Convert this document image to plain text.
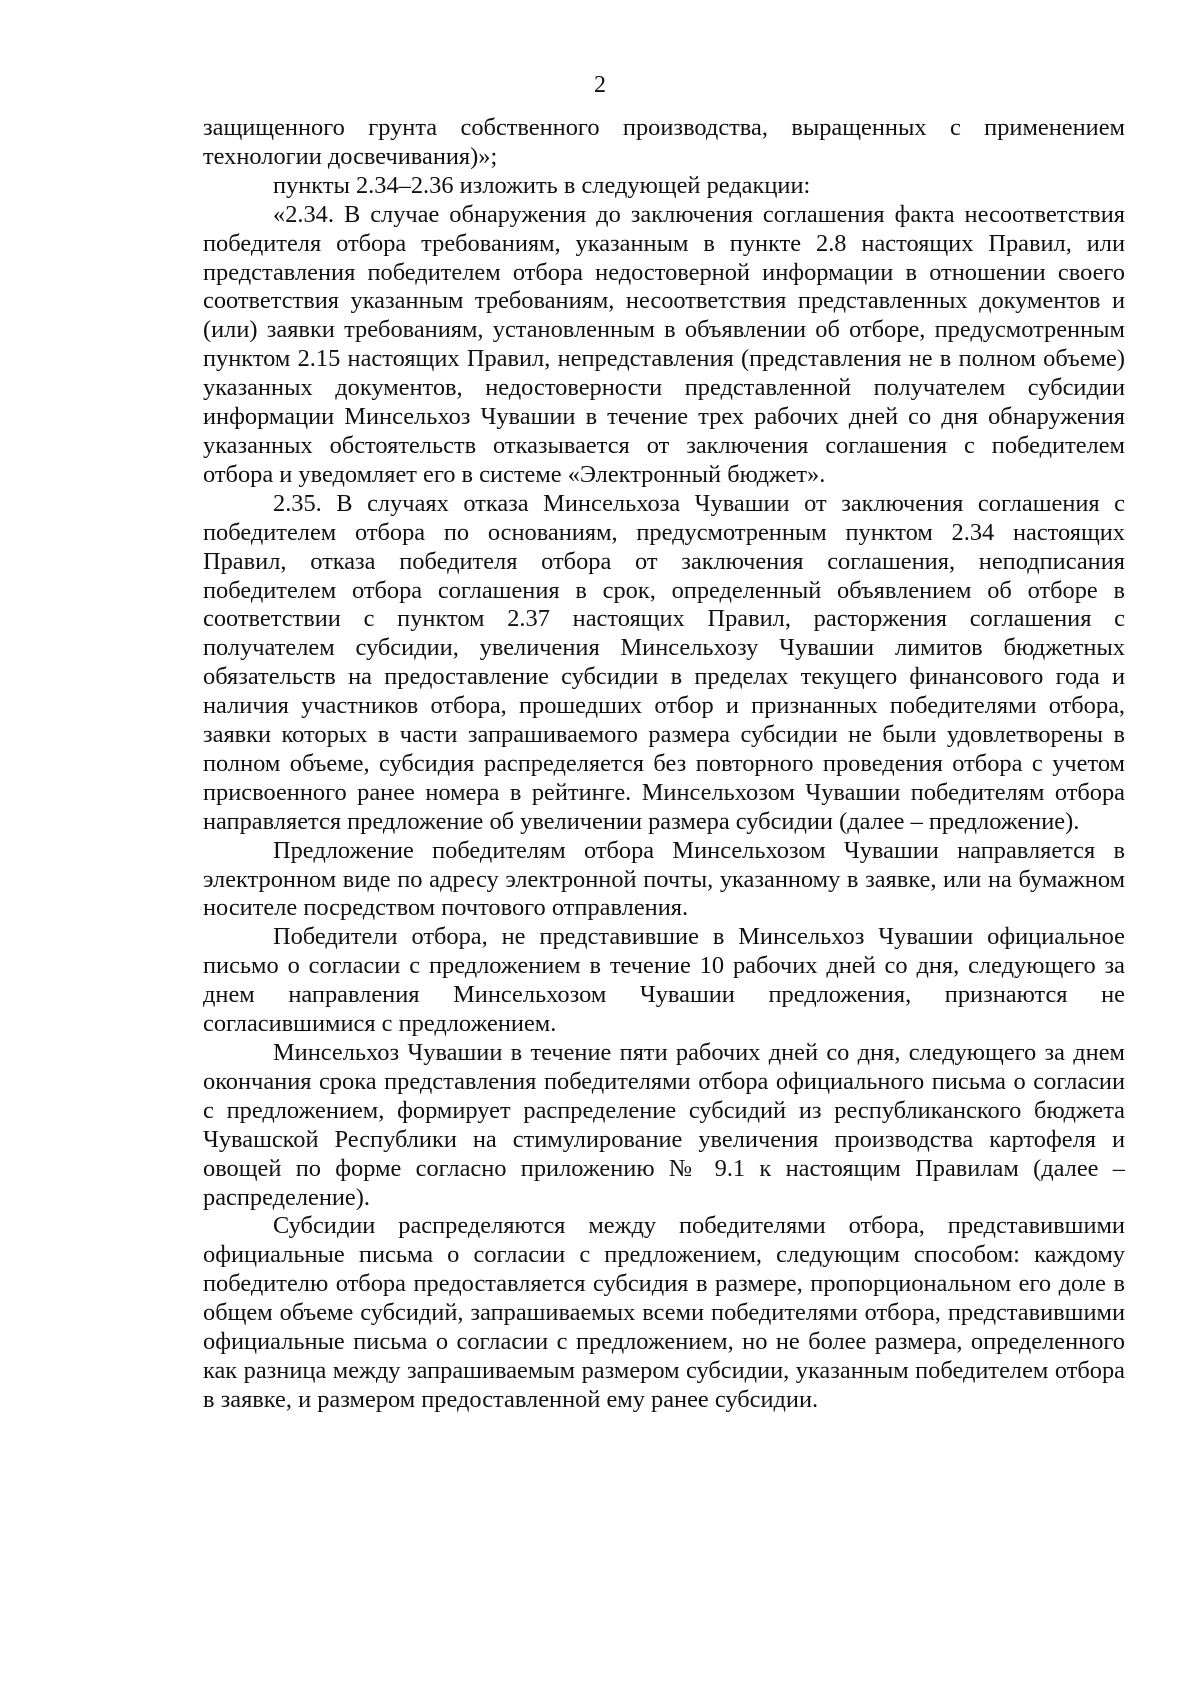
2

защищенного грунта собственного производства, выращенных с применением технологии досвечивания)»;

пункты 2.34–2.36 изложить в следующей редакции:

«2.34. В случае обнаружения до заключения соглашения факта несоответствия победителя отбора требованиям, указанным в пункте 2.8 настоящих Правил, или представления победителем отбора недостоверной информации в отношении своего соответствия указанным требованиям, несоответствия представленных документов и (или) заявки требованиям, установленным в объявлении об отборе, предусмотренным пунктом 2.15 настоящих Правил, непредставления (представления не в полном объеме) указанных документов, недостоверности представленной получателем субсидии информации Минсельхоз Чувашии в течение трех рабочих дней со дня обнаружения указанных обстоятельств отказывается от заключения соглашения с победителем отбора и уведомляет его в системе «Электронный бюджет».

2.35. В случаях отказа Минсельхоза Чувашии от заключения соглашения с победителем отбора по основаниям, предусмотренным пунктом 2.34 настоящих Правил, отказа победителя отбора от заключения соглашения, неподписания победителем отбора соглашения в срок, определенный объявлением об отборе в соответствии с пунктом 2.37 настоящих Правил, расторжения соглашения с получателем субсидии, увеличения Минсельхозу Чувашии лимитов бюджетных обязательств на предоставление субсидии в пределах текущего финансового года и наличия участников отбора, прошедших отбор и признанных победителями отбора, заявки которых в части запрашиваемого размера субсидии не были удовлетворены в полном объеме, субсидия распределяется без повторного проведения отбора с учетом присвоенного ранее номера в рейтинге. Минсельхозом Чувашии победителям отбора направляется предложение об увеличении размера субсидии (далее – предложение).

Предложение победителям отбора Минсельхозом Чувашии направляется в электронном виде по адресу электронной почты, указанному в заявке, или на бумажном носителе посредством почтового отправления.

Победители отбора, не представившие в Минсельхоз Чувашии официальное письмо о согласии с предложением в течение 10 рабочих дней со дня, следующего за днем направления Минсельхозом Чувашии предложения, признаются не согласившимися с предложением.

Минсельхоз Чувашии в течение пяти рабочих дней со дня, следующего за днем окончания срока представления победителями отбора официального письма о согласии с предложением, формирует распределение субсидий из республиканского бюджета Чувашской Республики на стимулирование увеличения производства картофеля и овощей по форме согласно приложению № 9.1 к настоящим Правилам (далее – распределение).

Субсидии распределяются между победителями отбора, представившими официальные письма о согласии с предложением, следующим способом: каждому победителю отбора предоставляется субсидия в размере, пропорциональном его доле в общем объеме субсидий, запрашиваемых всеми победителями отбора, представившими официальные письма о согласии с предложением, но не более размера, определенного как разница между запрашиваемым размером субсидии, указанным победителем отбора в заявке, и размером предоставленной ему ранее субсидии.
